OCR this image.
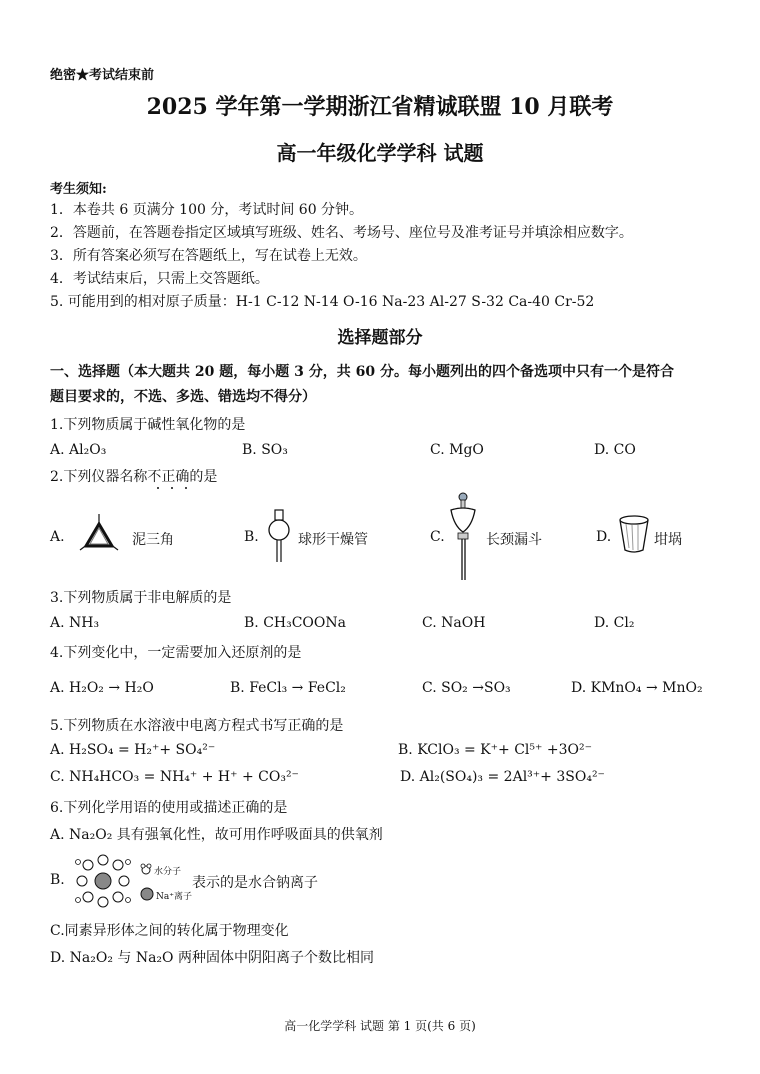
绝密★考试结束前
2025 学年第一学期浙江省精诚联盟 10 月联考
高一年级化学学科 试题
考生须知:
1．本卷共 6 页满分 100 分，考试时间 60 分钟。
2．答题前，在答题卷指定区域填写班级、姓名、考场号、座位号及准考证号并填涂相应数字。
3．所有答案必须写在答题纸上，写在试卷上无效。
4．考试结束后，只需上交答题纸。
5. 可能用到的相对原子质量：H-1 C-12 N-14 O-16 Na-23 Al-27 S-32 Ca-40 Cr-52
选择题部分
一、选择题（本大题共 20 题，每小题 3 分，共 60 分。每小题列出的四个备选项中只有一个是符合
题目要求的，不选、多选、错选均不得分）
1.下列物质属于碱性氧化物的是
A. Al₂O₃	B. SO₃	C. MgO	D. CO
2.下列仪器名称不正确的是
A.	泥三角	B.	球形干燥管	C.	长颈漏斗	D.	坩埚
3.下列物质属于非电解质的是
A. NH₃	B. CH₃COONa	C. NaOH	D. Cl₂
4.下列变化中，一定需要加入还原剂的是
A. H₂O₂ → H₂O	B. FeCl₃ → FeCl₂	C. SO₂ →SO₃	D. KMnO₄ → MnO₂
5.下列物质在水溶液中电离方程式书写正确的是
A. H₂SO₄ = H₂⁺+ SO₄²⁻	B. KClO₃ = K⁺+ Cl⁵⁺ +3O²⁻
C. NH₄HCO₃ = NH₄⁺ + H⁺ + CO₃²⁻	D. Al₂(SO₄)₃ = 2Al³⁺+ 3SO₄²⁻
6.下列化学用语的使用或描述正确的是
A. Na₂O₂ 具有强氧化性，故可用作呼吸面具的供氧剂
B.	水分子
Na⁺离子
表示的是水合钠离子
C.同素异形体之间的转化属于物理变化
D. Na₂O₂ 与 Na₂O 两种固体中阴阳离子个数比相同
高一化学学科 试题 第 1 页(共 6 页)
